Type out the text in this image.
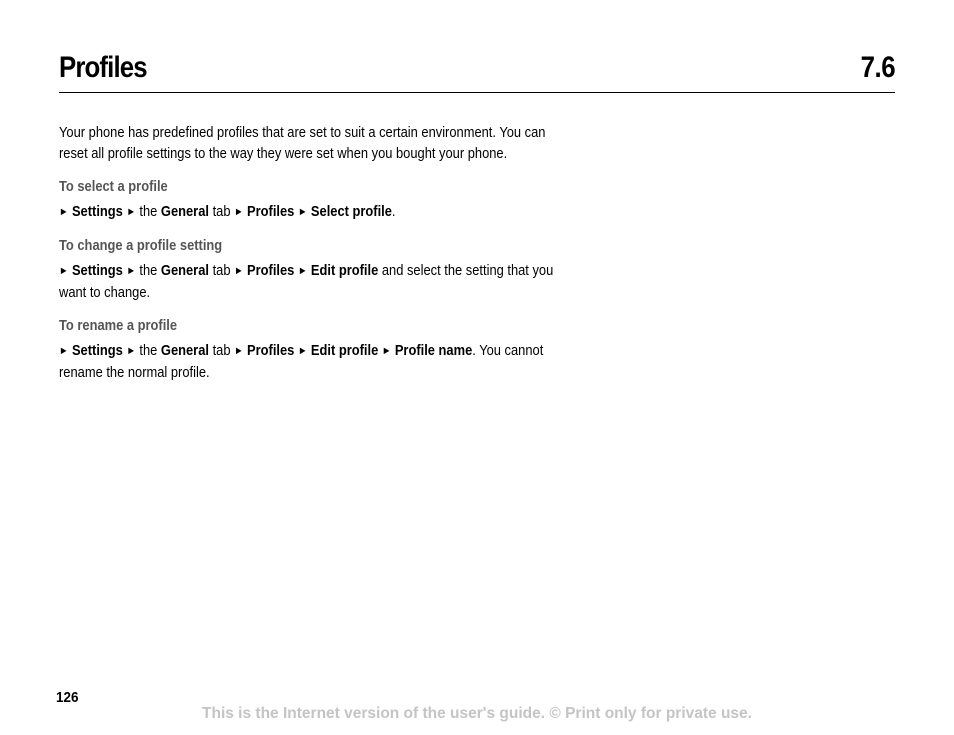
Profiles	7.6

Your phone has predefined profiles that are set to suit a certain environment. You can reset all profile settings to the way they were set when you bought your phone.

To select a profile

► Settings ► the General tab ► Profiles ► Select profile.

To change a profile setting

► Settings ► the General tab ► Profiles ► Edit profile and select the setting that you want to change.

To rename a profile

► Settings ► the General tab ► Profiles ► Edit profile ► Profile name. You cannot rename the normal profile.

126
This is the Internet version of the user's guide. © Print only for private use.
